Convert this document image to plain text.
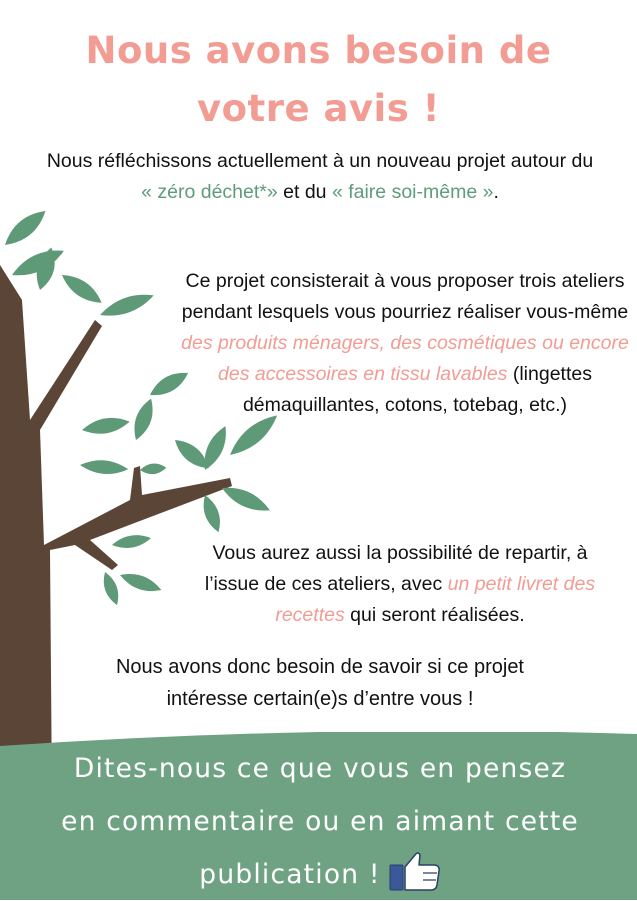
Nous avons besoin de
votre avis !
Nous réfléchissons actuellement à un nouveau projet autour du « zéro déchet*» et du « faire soi-même ».
Ce projet consisterait à vous proposer trois ateliers pendant lesquels vous pourriez réaliser vous-même des produits ménagers, des cosmétiques ou encore des accessoires en tissu lavables (lingettes démaquillantes, cotons, totebag, etc.)
Vous aurez aussi la possibilité de repartir, à l’issue de ces ateliers, avec un petit livret des recettes qui seront réalisées.
Nous avons donc besoin de savoir si ce projet
intéresse certain(e)s d’entre vous !
Dites-nous ce que vous en pensez
en commentaire ou en aimant cette
publication !
